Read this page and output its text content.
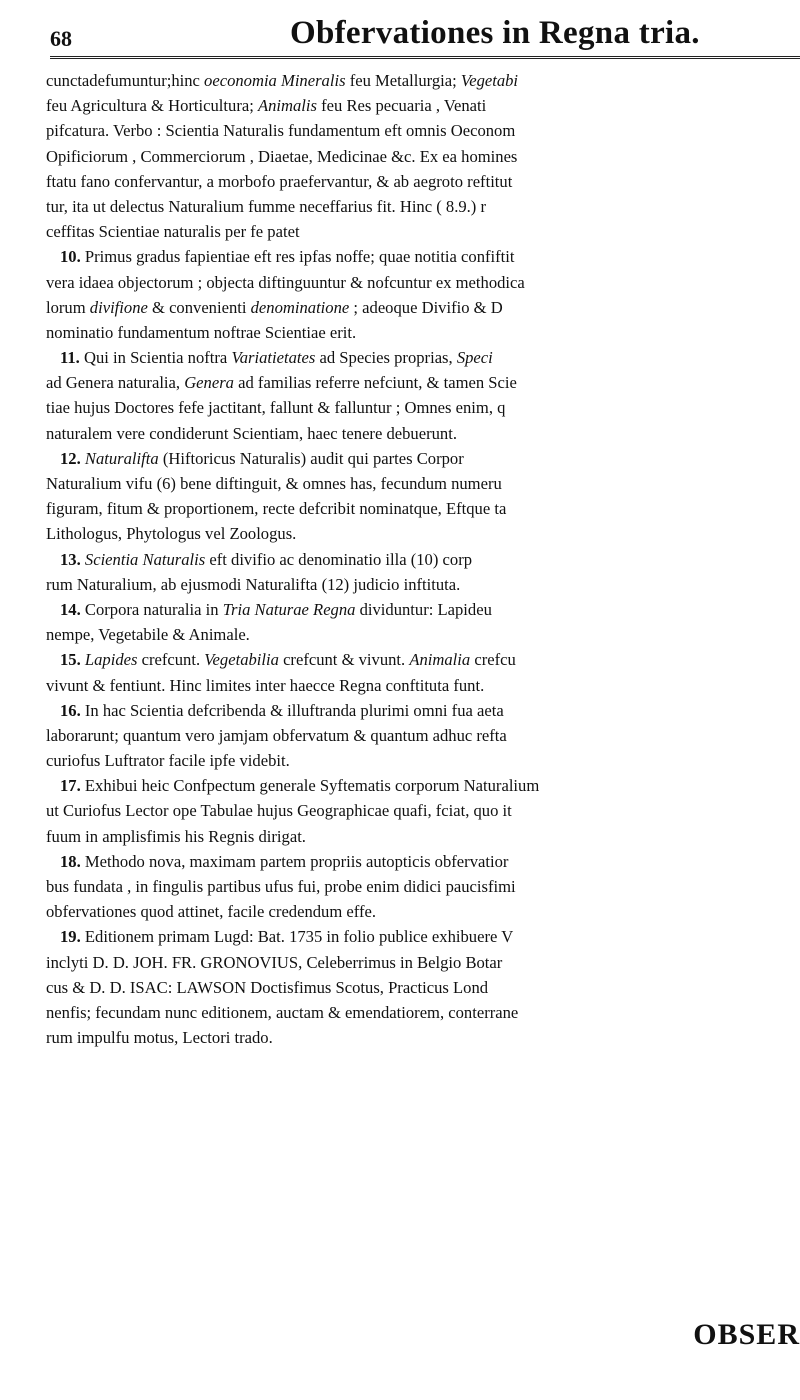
68	Obfervationes in Regna tria.
cunctadefumuntur;hinc oeconomia Mineralis feu Metallurgia; Vegetabi
feu Agricultura & Horticultura; Animalis feu Res pecuaria , Venati
pifcatura. Verbo : Scientia Naturalis fundamentum eft omnis Oeconom
Opificiorum , Commerciorum , Diaetae, Medicinae &c. Ex ea homines
ftatu fano confervantur, a morbofo praefervantur, & ab aegroto reftitut
tur, ita ut delectus Naturalium fumme neceffarius fit. Hinc ( 8.9.) r
ceffitas Scientiae naturalis per fe patet
10. Primus gradus fapientiae eft res ipfas noffe; quae notitia confiftit
vera idaea objectorum ; objecta diftinguuntur & nofcuntur ex methodica
lorum divifione & convenienti denominatione ; adeoque Divifio & D
nominatio fundamentum noftrae Scientiae erit.
11. Qui in Scientia noftra Variatietates ad Species proprias, Speci
ad Genera naturalia, Genera ad familias referre nefciunt, & tamen Scie
tiae hujus Doctores fefe jactitant, fallunt & falluntur ; Omnes enim, q
naturalem vere condiderunt Scientiam, haec tenere debuerunt.
12. Naturalifta (Hiftoricus Naturalis) audit qui partes Corpor
Naturalium vifu (6) bene diftinguit, & omnes has, fecundum numeru
figuram, fitum & proportionem, recte defcribit nominatque, Eftque ta
Lithologus, Phytologus vel Zoologus.
13. Scientia Naturalis eft divifio ac denominatio illa (10) corp
rum Naturalium, ab ejusmodi Naturalifta (12) judicio inftituta.
14. Corpora naturalia in Tria Naturae Regna dividuntur: Lapideu
nempe, Vegetabile & Animale.
15. Lapides crefcunt. Vegetabilia crefcunt & vivunt. Animalia crefcu
vivunt & fentiunt. Hinc limites inter haecce Regna conftituta funt.
16. In hac Scientia defcribenda & illuftranda plurimi omni fua aeta
laborarunt; quantum vero jamjam obfervatum & quantum adhuc refta
curiofus Luftrator facile ipfe videbit.
17. Exhibui heic Confpectum generale Syftematis corporum Naturalium
ut Curiofus Lector ope Tabulae hujus Geographicae quafi, fciat, quo it
fuum in amplisfimis his Regnis dirigat.
18. Methodo nova, maximam partem propriis autopticis obfervatior
bus fundata , in fingulis partibus ufus fui, probe enim didici paucisfimi
obfervationes quod attinet, facile credendum effe.
19. Editionem primam Lugd: Bat. 1735 in folio publice exhibuere V
inclyti D. D. JOH. FR. GRONOVIUS, Celeberrimus in Belgio Botar
cus & D. D. ISAC: LAWSON Doctisfimus Scotus, Practicus Lond
nenfis; fecundam nunc editionem, auctam & emendatiorem, conterrane
rum impulfu motus, Lectori trado.
OBSER
